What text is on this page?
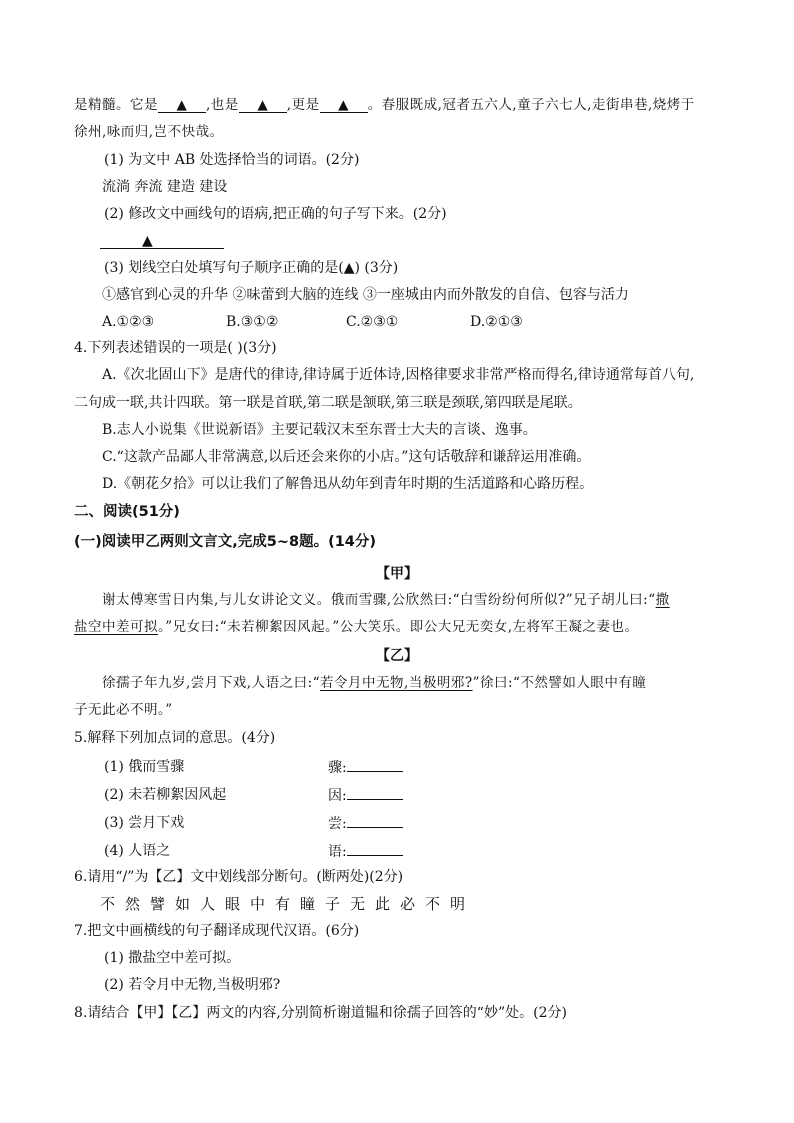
是精髓。它是 ▲ ,也是 ▲ ,更是 ▲ 。春服既成,冠者五六人,童子六七人,走街串巷,烧烤于
徐州,咏而归,岂不快哉。
(1) 为文中 AB 处选择恰当的词语。(2分)
流淌 奔流 建造 建设
(2) 修改文中画线句的语病,把正确的句子写下来。(2分)
▲
(3) 划线空白处填写句子顺序正确的是(▲) (3分)
①感官到心灵的升华 ②味蕾到大脑的连线 ③一座城由内而外散发的自信、包容与活力
A.①②③	B.③①②	C.②③①	D.②①③
4.下列表述错误的一项是( )(3分)
A.《次北固山下》是唐代的律诗,律诗属于近体诗,因格律要求非常严格而得名,律诗通常每首八句,
二句成一联,共计四联。第一联是首联,第二联是颔联,第三联是颈联,第四联是尾联。
B.志人小说集《世说新语》主要记载汉末至东晋士大夫的言谈、逸事。
C.“这款产品鄙人非常满意,以后还会来你的小店。”这句话敬辞和谦辞运用准确。
D.《朝花夕拾》可以让我们了解鲁迅从幼年到青年时期的生活道路和心路历程。
二、阅读(51分)
(一)阅读甲乙两则文言文,完成5~8题。(14分)
【甲】
谢太傅寒雪日内集,与儿女讲论文义。俄而雪骤,公欣然曰:“白雪纷纷何所似?”兄子胡儿曰:“撒
盐空中差可拟。”兄女曰:“未若柳絮因风起。”公大笑乐。即公大兄无奕女,左将军王凝之妻也。
【乙】
徐孺子年九岁,尝月下戏,人语之曰:“若令月中无物,当极明邪?”徐曰:“不然譬如人眼中有瞳
子无此必不明。”
5.解释下列加点词的意思。(4分)
(1) 俄而雪骤	骤:
(2) 未若柳絮因风起	因:
(3) 尝月下戏	尝:
(4) 人语之	语:
6.请用“/”为【乙】文中划线部分断句。(断两处)(2分)
不然譬如人眼中有瞳子无此必不明
7.把文中画横线的句子翻译成现代汉语。(6分)
(1) 撒盐空中差可拟。
(2) 若令月中无物,当极明邪?
8.请结合【甲】【乙】两文的内容,分别简析谢道韫和徐孺子回答的“妙”处。(2分)
